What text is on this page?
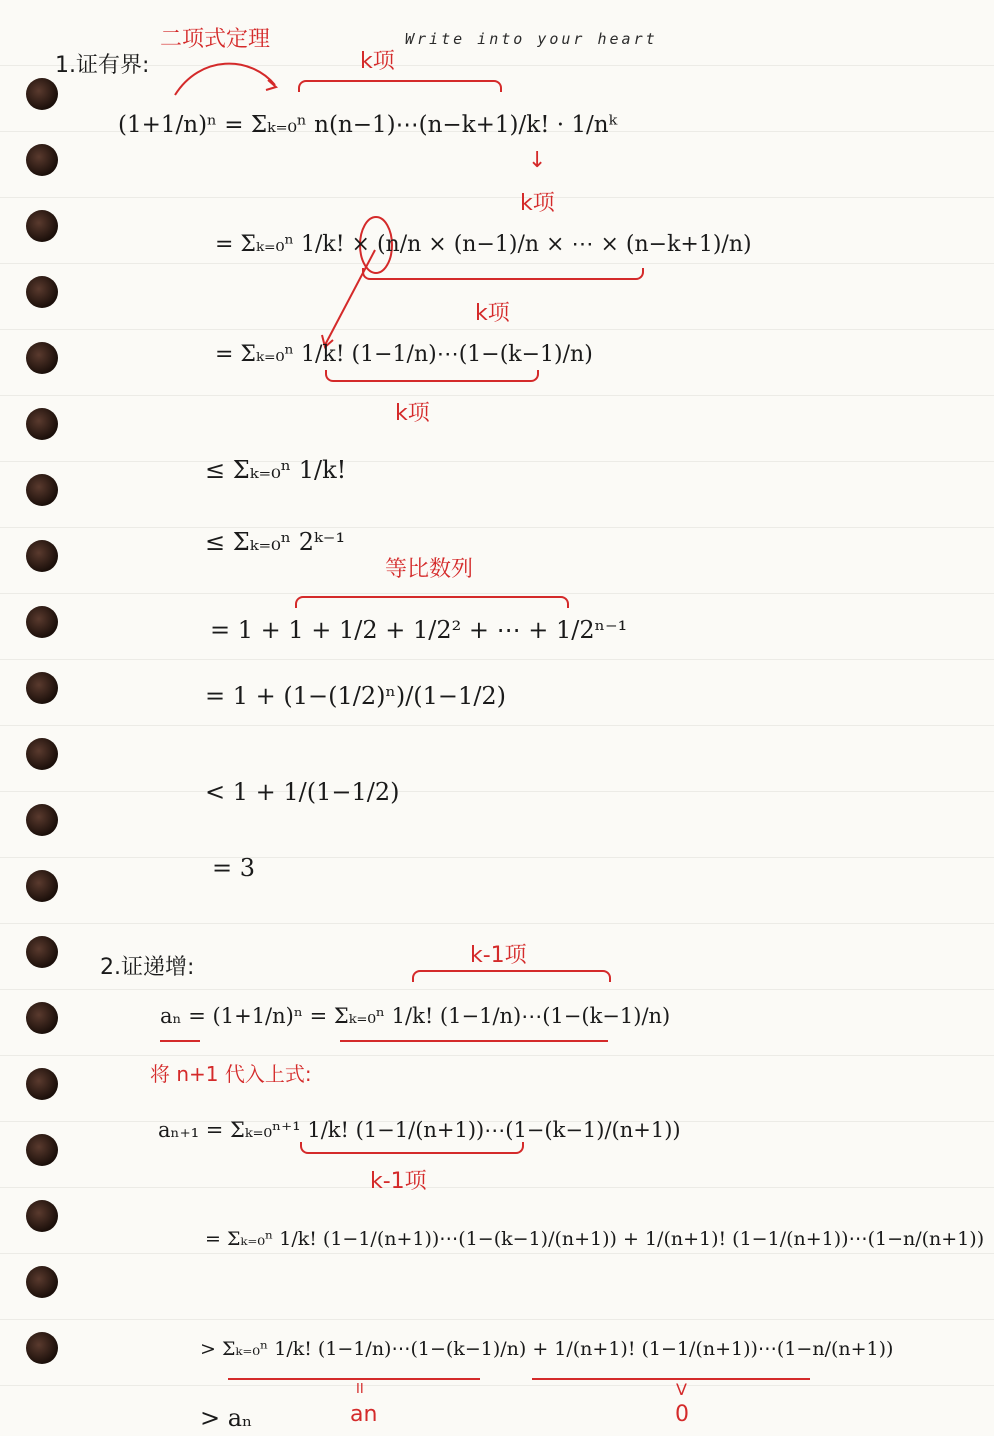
Write into your heart
1.证有界:
二项式定理
k项
(1+1/n)ⁿ = Σₖ₌₀ⁿ n(n−1)⋯(n−k+1)/k! · 1/nᵏ
↓
k项
= Σₖ₌₀ⁿ 1/k! × (n/n × (n−1)/n × ⋯ × (n−k+1)/n)
k项
= Σₖ₌₀ⁿ 1/k! (1−1/n)⋯(1−(k−1)/n)
k项
≤ Σₖ₌₀ⁿ 1/k!
≤ Σₖ₌₀ⁿ 2ᵏ⁻¹
等比数列
= 1 + 1 + 1/2 + 1/2² + ⋯ + 1/2ⁿ⁻¹
= 1 + (1−(1/2)ⁿ)/(1−1/2)
< 1 + 1/(1−1/2)
= 3
2.证递增:	k-1项
aₙ = (1+1/n)ⁿ = Σₖ₌₀ⁿ 1/k! (1−1/n)⋯(1−(k−1)/n)
将 n+1 代入上式:
aₙ₊₁ = Σₖ₌₀ⁿ⁺¹ 1/k! (1−1/(n+1))⋯(1−(k−1)/(n+1))
k-1项
= Σₖ₌₀ⁿ 1/k! (1−1/(n+1))⋯(1−(k−1)/(n+1)) + 1/(n+1)! (1−1/(n+1))⋯(1−n/(n+1))
> Σₖ₌₀ⁿ 1/k! (1−1/n)⋯(1−(k−1)/n) + 1/(n+1)! (1−1/(n+1))⋯(1−n/(n+1))
II	V
an	0
> aₙ
